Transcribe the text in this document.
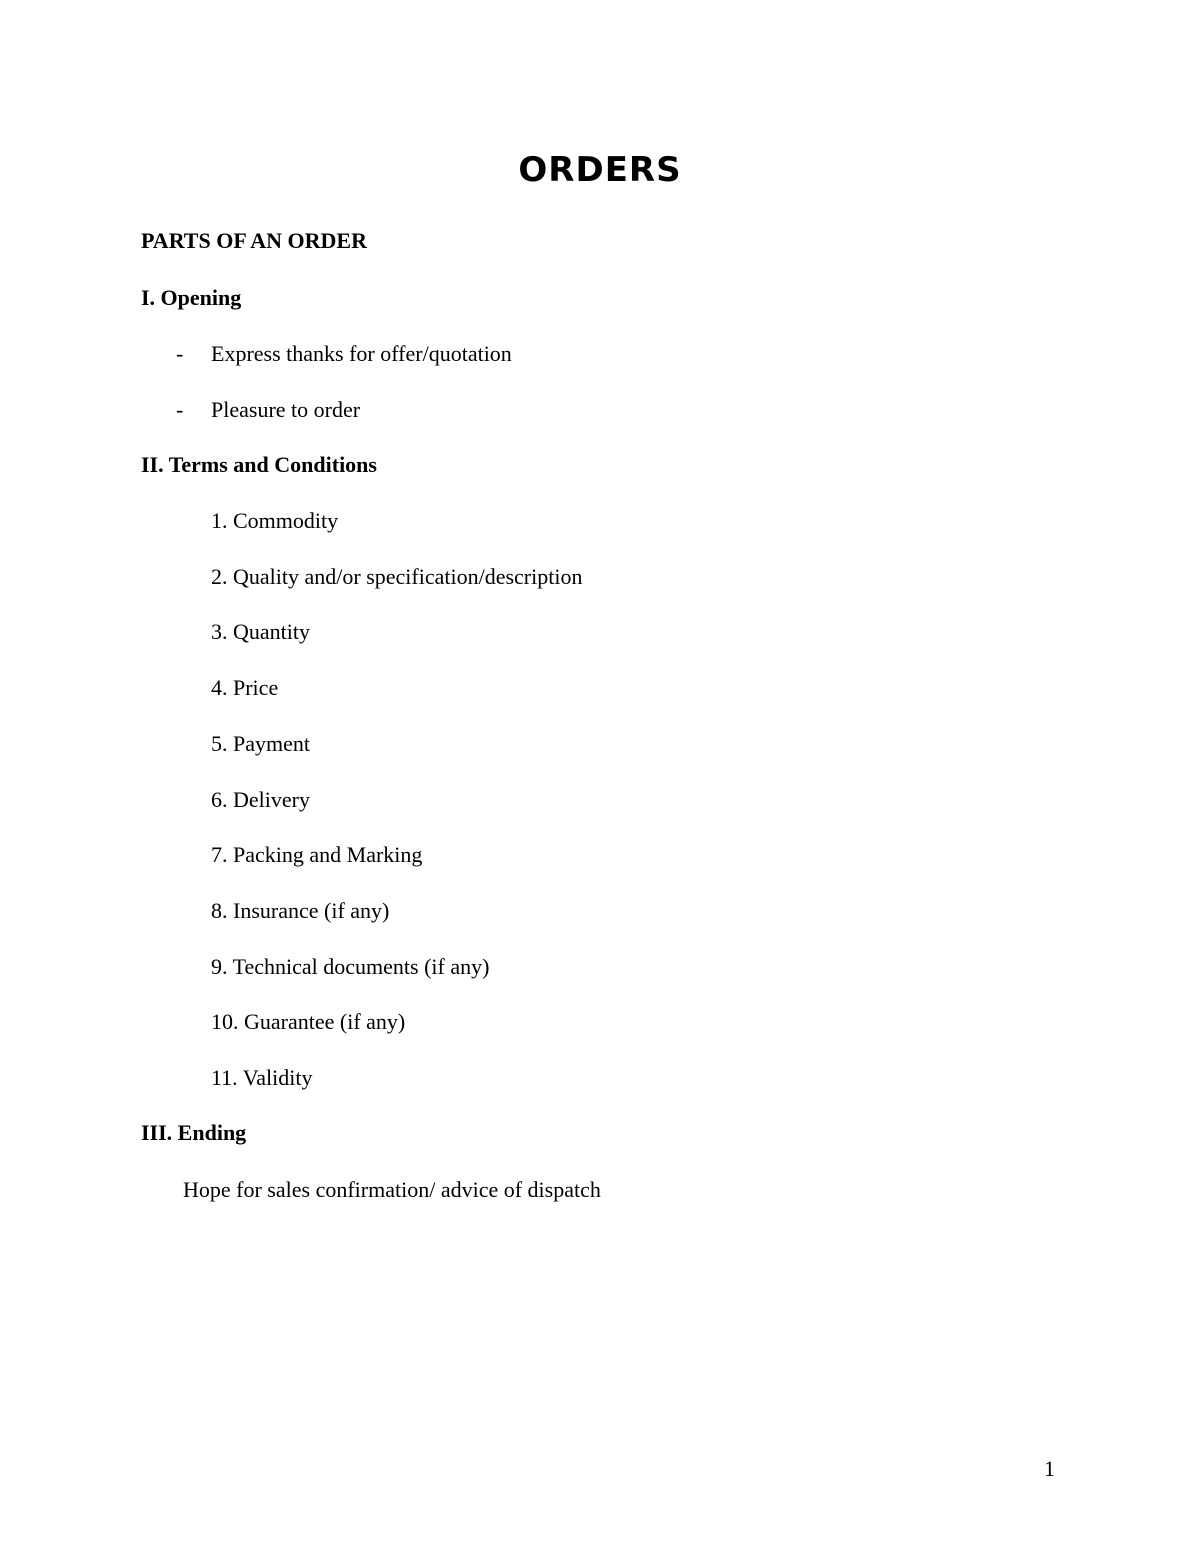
ORDERS

PARTS OF AN ORDER

I. Opening

- Express thanks for offer/quotation

- Pleasure to order

II. Terms and Conditions

1. Commodity

2. Quality and/or specification/description

3. Quantity

4. Price

5. Payment

6. Delivery

7. Packing and Marking

8. Insurance (if any)

9. Technical documents (if any)

10. Guarantee (if any)

11. Validity

III. Ending

Hope for sales confirmation/ advice of dispatch

1
